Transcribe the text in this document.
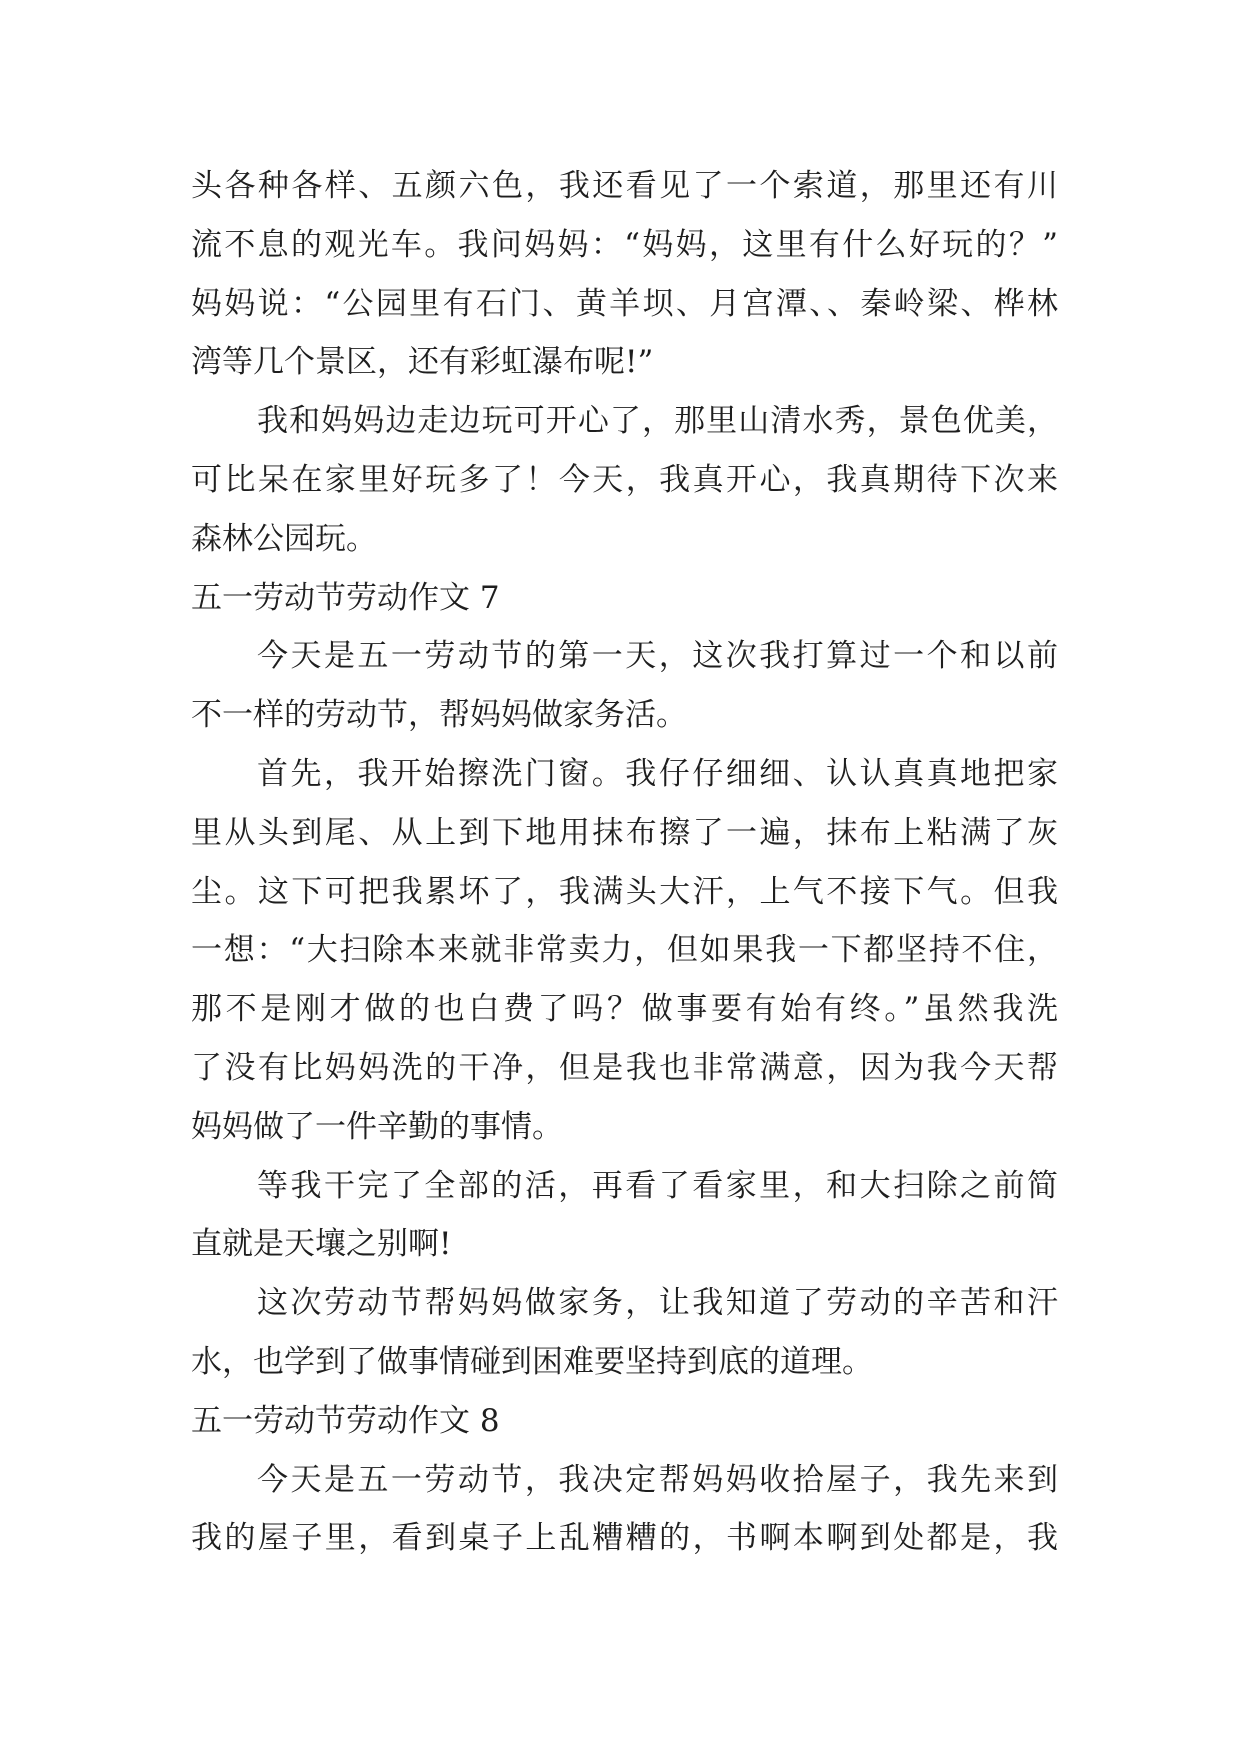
头各种各样、五颜六色，我还看见了一个索道，那里还有川
流不息的观光车。我问妈妈：“妈妈，这里有什么好玩的？”
妈妈说：“公园里有石门、黄羊坝、月宫潭、、秦岭梁、桦林
湾等几个景区，还有彩虹瀑布呢!”
我和妈妈边走边玩可开心了，那里山清水秀，景色优美，
可比呆在家里好玩多了！今天，我真开心，我真期待下次来
森林公园玩。
五一劳动节劳动作文 7
今天是五一劳动节的第一天，这次我打算过一个和以前
不一样的劳动节，帮妈妈做家务活。
首先，我开始擦洗门窗。我仔仔细细、认认真真地把家
里从头到尾、从上到下地用抹布擦了一遍，抹布上粘满了灰
尘。这下可把我累坏了，我满头大汗，上气不接下气。但我
一想：“大扫除本来就非常卖力，但如果我一下都坚持不住，
那不是刚才做的也白费了吗？做事要有始有终。”虽然我洗
了没有比妈妈洗的干净，但是我也非常满意，因为我今天帮
妈妈做了一件辛勤的事情。
等我干完了全部的活，再看了看家里，和大扫除之前简
直就是天壤之别啊!
这次劳动节帮妈妈做家务，让我知道了劳动的辛苦和汗
水，也学到了做事情碰到困难要坚持到底的道理。
五一劳动节劳动作文 8
今天是五一劳动节，我决定帮妈妈收拾屋子，我先来到
我的屋子里，看到桌子上乱糟糟的，书啊本啊到处都是，我
